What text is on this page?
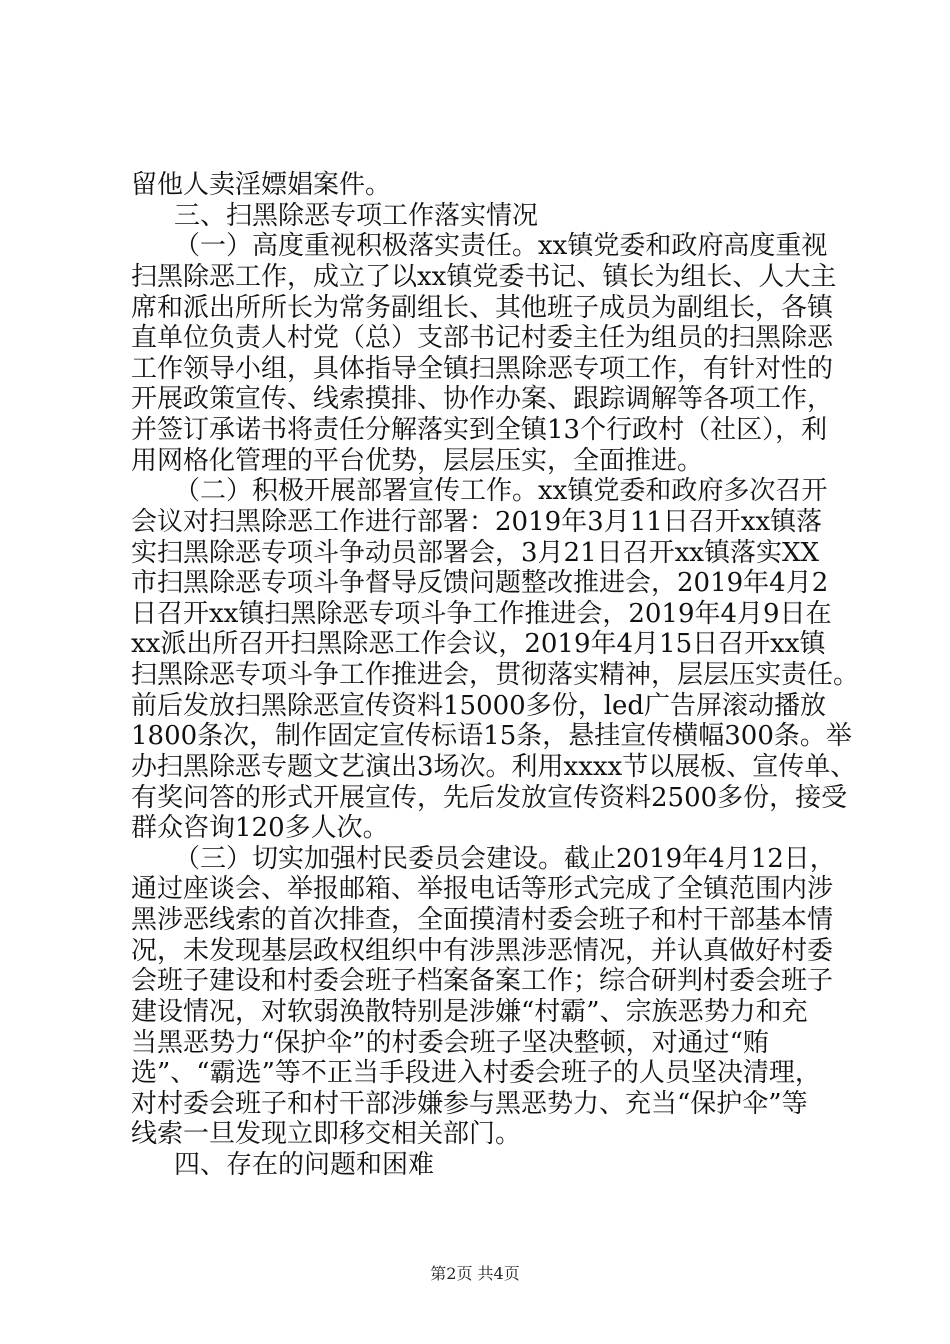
留他人卖淫嫖娼案件。
三、扫黑除恶专项工作落实情况
（一）高度重视积极落实责任。xx镇党委和政府高度重视
扫黑除恶工作，成立了以xx镇党委书记、镇长为组长、人大主
席和派出所所长为常务副组长、其他班子成员为副组长，各镇
直单位负责人村党（总）支部书记村委主任为组员的扫黑除恶
工作领导小组，具体指导全镇扫黑除恶专项工作，有针对性的
开展政策宣传、线索摸排、协作办案、跟踪调解等各项工作，
并签订承诺书将责任分解落实到全镇13个行政村（社区），利
用网格化管理的平台优势，层层压实，全面推进。
（二）积极开展部署宣传工作。xx镇党委和政府多次召开
会议对扫黑除恶工作进行部署：2019年3月11日召开xx镇落
实扫黑除恶专项斗争动员部署会，3月21日召开xx镇落实XX
市扫黑除恶专项斗争督导反馈问题整改推进会，2019年4月2
日召开xx镇扫黑除恶专项斗争工作推进会，2019年4月9日在
xx派出所召开扫黑除恶工作会议，2019年4月15日召开xx镇
扫黑除恶专项斗争工作推进会，贯彻落实精神，层层压实责任。
前后发放扫黑除恶宣传资料15000多份，led广告屏滚动播放
1800条次，制作固定宣传标语15条，悬挂宣传横幅300条。举
办扫黑除恶专题文艺演出3场次。利用xxxx节以展板、宣传单、
有奖问答的形式开展宣传，先后发放宣传资料2500多份，接受
群众咨询120多人次。
（三）切实加强村民委员会建设。截止2019年4月12日，
通过座谈会、举报邮箱、举报电话等形式完成了全镇范围内涉
黑涉恶线索的首次排查，全面摸清村委会班子和村干部基本情
况，未发现基层政权组织中有涉黑涉恶情况，并认真做好村委
会班子建设和村委会班子档案备案工作；综合研判村委会班子
建设情况，对软弱涣散特别是涉嫌“村霸”、宗族恶势力和充
当黑恶势力“保护伞”的村委会班子坚决整顿，对通过“贿
选”、“霸选”等不正当手段进入村委会班子的人员坚决清理，
对村委会班子和村干部涉嫌参与黑恶势力、充当“保护伞”等
线索一旦发现立即移交相关部门。
四、存在的问题和困难
第2页 共4页
